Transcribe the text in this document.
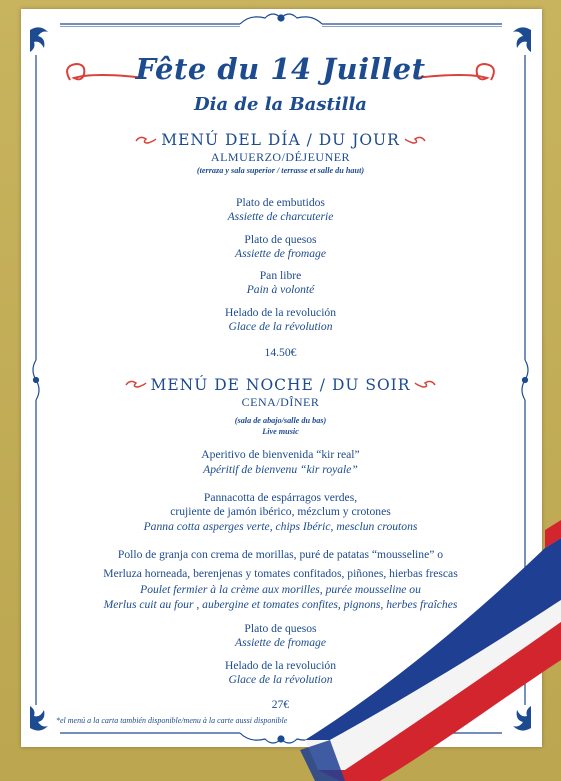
Fête du 14 Juillet
Dia de la Bastilla
MENÚ DEL DÍA / DU JOUR
ALMUERZO/DÉJEUNER
(terraza y sala superior / terrasse et salle du haut)
Plato de embutidos
Assiette de charcuterie
Plato de quesos
Assiette de fromage
Pan libre
Pain à volonté
Helado de la revolución
Glace de la révolution
14.50€
MENÚ DE NOCHE / DU SOIR
CENA/DÎNER
(sala de abajo/salle du bas)
Live music
Aperitivo de bienvenida “kir real”
Apéritif de bienvenu “kir royale”
Pannacotta de espárragos verdes,
crujiente de jamón ibérico, mézclum y crotones
Panna cotta asperges verte, chips Ibéric, mesclun croutons
Pollo de granja con crema de morillas, puré de patatas “mousseline” o
Merluza horneada, berenjenas y tomates confitados, piñones, hierbas frescas
Poulet fermier à la crème aux morilles, purée mousseline ou
Merlus cuit au four , aubergine et tomates confites, pignons, herbes fraîches
Plato de quesos
Assiette de fromage
Helado de la revolución
Glace de la révolution
27€
*el menú a la carta también disponible/menu à la carte aussi disponible
